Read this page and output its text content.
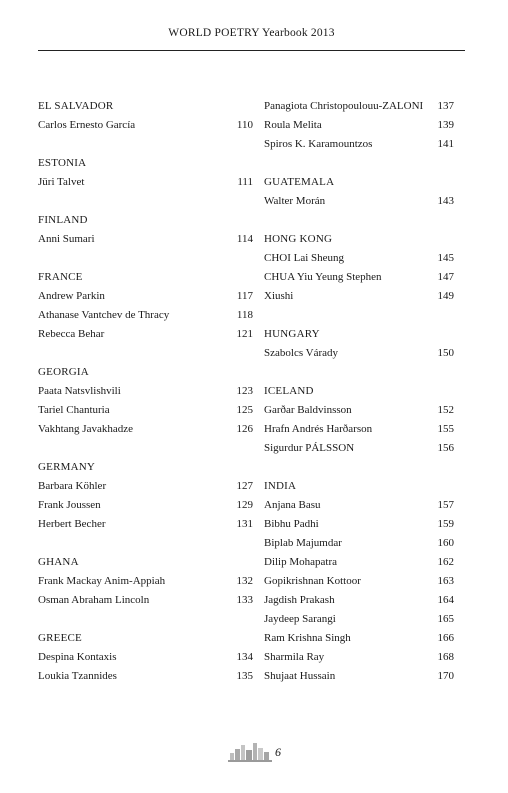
WORLD POETRY Yearbook 2013
EL SALVADOR
Carlos Ernesto García	110
ESTONIA
Jüri Talvet	111
FINLAND
Anni Sumari	114
FRANCE
Andrew Parkin	117
Athanase Vantchev de Thracy	118
Rebecca Behar	121
GEORGIA
Paata Natsvlishvili	123
Tariel Chanturia	125
Vakhtang Javakhadze	126
GERMANY
Barbara Köhler	127
Frank Joussen	129
Herbert Becher	131
GHANA
Frank Mackay Anim-Appiah	132
Osman Abraham Lincoln	133
GREECE
Despina Kontaxis	134
Loukia Tzannides	135
Panagiota Christopoulouu-ZALONI 137
Roula Melita	139
Spiros K. Karamountzos	141
GUATEMALA
Walter Morán	143
HONG KONG
CHOI Lai Sheung	145
CHUA Yiu Yeung Stephen	147
Xiushi	149
HUNGARY
Szabolcs Várady	150
ICELAND
Garðar Baldvinsson	152
Hrafn Andrés Harðarson	155
Sigurdur PÁLSSON	156
INDIA
Anjana Basu	157
Bibhu Padhi	159
Biplab Majumdar	160
Dilip Mohapatra	162
Gopikrishnan Kottoor	163
Jagdish Prakash	164
Jaydeep Sarangi	165
Ram Krishna Singh	166
Sharmila Ray	168
Shujaat Hussain	170
6
